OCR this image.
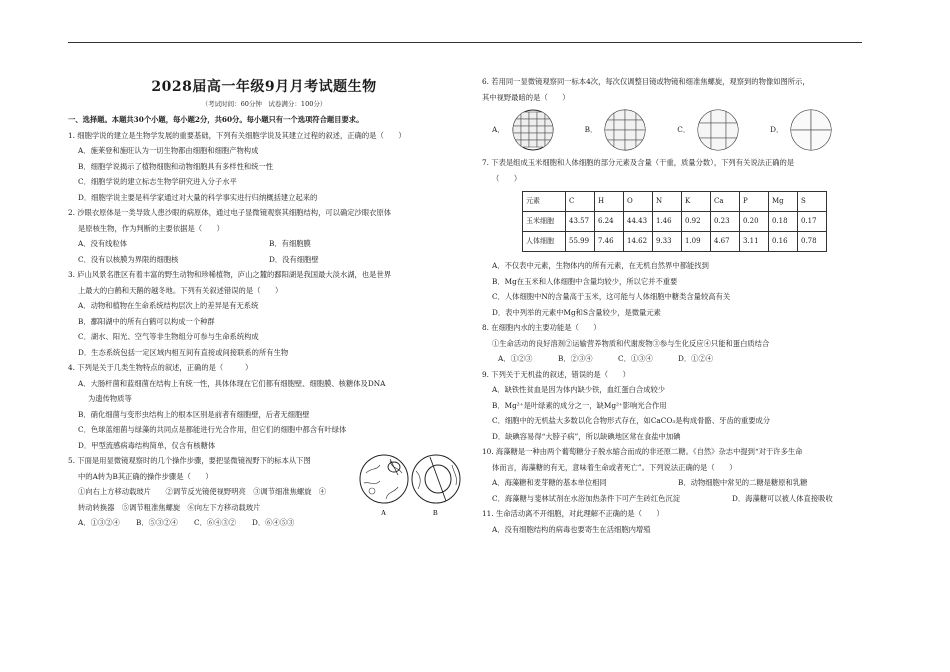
2028届高一年级9月月考试题生物
（考试时间：60分钟　试卷满分：100分）
一、选择题。本题共30个小题，每小题2分，共60分。每小题只有一个选项符合题目要求。
1. 细胞学说的建立是生物学发展的重要基础，下列有关细胞学说及其建立过程的叙述，正确的是（　　）
A．施莱登和施旺认为一切生物都由细胞和细胞产物构成
B．细胞学说揭示了植物细胞和动物细胞具有多样性和统一性
C．细胞学说的建立标志生物学研究进入分子水平
D．细胞学说主要是科学家通过对大量的科学事实进行归纳概括建立起来的
2. 沙眼衣原体是一类导致人患沙眼的病原体，通过电子显微镜观察其细胞结构，可以确定沙眼衣原体
是原核生物，作为判断的主要依据是（　　）
A．没有线粒体	B．有细胞膜
C．没有以核膜为界限的细胞核	D．没有细胞壁
3. 庐山风景名胜区有着丰富的野生动物和珍稀植物，庐山之麓的鄱阳湖是我国最大淡水湖，也是世界
上最大的白鹤和天鹅的越冬地。下列有关叙述错误的是（　　）
A．动物和植物在生命系统结构层次上的差异是有无系统
B．鄱阳湖中的所有白鹤可以构成一个种群
C．湖水、阳光、空气等非生物组分可参与生命系统构成
D．生态系统包括一定区域内相互间有直接或间接联系的所有生物
4. 下列是关于几类生物特点的叙述，正确的是（　　　）
A．大肠杆菌和蓝细菌在结构上有统一性，具体体现在它们都有细胞壁、细胞膜、核糖体及DNA
为遗传物质等
B．硝化细菌与变形虫结构上的根本区别是前者有细胞壁，后者无细胞壁
C．色球蓝细菌与绿藻的共同点是都能进行光合作用，但它们的细胞中都含有叶绿体
D．甲型流感病毒结构简单，仅含有核糖体
5. 下面是用显微镜观察时的几个操作步骤，要把显微镜视野下的标本从下图
中的A转为B其正确的操作步骤是（　　）
①向右上方移动载玻片　　②调节反光镜使视野明亮　③调节细准焦螺旋　④
转动转换器　⑤调节粗准焦螺旋　⑥向左下方移动载玻片
A．①③②④	B．⑤③②④	C．⑥④③②	D．⑥④⑤③
A	B
6. 若用同一显微镜观察同一标本4次，每次仅调整目镜或物镜和细准焦螺旋，观察到的物像如图所示，
其中视野最暗的是（　　）
A．	B．	C．	D．
7. 下表是组成玉米细胞和人体细胞的部分元素及含量（干重，质量分数），下列有关说法正确的是
（　　）
元素	C	H	O	N	K	Ca	P	Mg	S
玉米细胞	43.57	6.24	44.43	1.46	0.92	0.23	0.20	0.18	0.17
人体细胞	55.99	7.46	14.62	9.33	1.09	4.67	3.11	0.16	0.78
A．不仅表中元素，生物体内的所有元素，在无机自然界中都能找到
B．Mg在玉米和人体细胞中含量均较少，所以它并不重要
C．人体细胞中N的含量高于玉米，这可能与人体细胞中糖类含量较高有关
D．表中列举的元素中Mg和S含量较少，是微量元素
8. 在细胞内水的主要功能是（　　）
①生命活动的良好溶剂②运输营养物质和代谢废物③参与生化反应④只能和蛋白质结合
A．①②③	B．②③④	C．①③④	D．①②④
9. 下列关于无机盐的叙述，错误的是（　　）
A．缺铁性贫血是因为体内缺少铁，血红蛋白合成较少
B．Mg²⁺是叶绿素的成分之一，缺Mg²⁺影响光合作用
C．细胞中的无机盐大多数以化合物形式存在，如CaCO₃是构成骨骼、牙齿的重要成分
D．缺碘容易得“大脖子病”，所以缺碘地区常在食盐中加碘
10. 海藻糖是一种由两个葡萄糖分子脱水缩合而成的非还原二糖。《自然》杂志中提到“对于许多生命
体而言，海藻糖的有无，意味着生命或者死亡”。下列说法正确的是（　　）
A．海藻糖和麦芽糖的基本单位相同	B．动物细胞中常见的二糖是糖原和乳糖
C．海藻糖与斐林试剂在水浴加热条件下可产生砖红色沉淀	D．海藻糖可以被人体直接吸收
11. 生命活动离不开细胞，对此理解不正确的是（　　）
A．没有细胞结构的病毒也要寄生在活细胞内增殖
